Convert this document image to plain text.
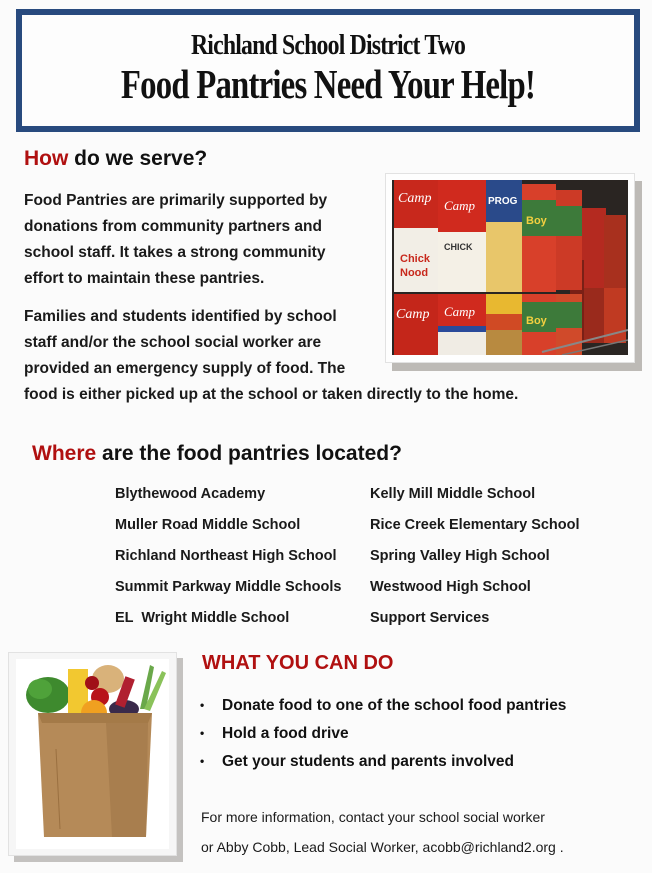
Richland School District Two
Food Pantries Need Your Help!
How do we serve?
Food Pantries are primarily supported by
donations from community partners and
school staff. It takes a strong community
effort to maintain these pantries.
Families and students identified by school
staff and/or the school social worker are
provided an emergency supply of food. The
food is either picked up at the school or taken directly to the home.
Camp
Chick
Nood
Camp
CHICK
PROG
Boy
Camp Camp
Boy
Where are the food pantries located?
Blythewood Academy
Muller Road Middle School
Richland Northeast High School
Summit Parkway Middle Schools
EL  Wright Middle School
Kelly Mill Middle School
Rice Creek Elementary School
Spring Valley High School
Westwood High School
Support Services
WHAT YOU CAN DO
• Donate food to one of the school food pantries
• Hold a food drive
• Get your students and parents involved
For more information, contact your school social worker
or Abby Cobb, Lead Social Worker, acobb@richland2.org .
